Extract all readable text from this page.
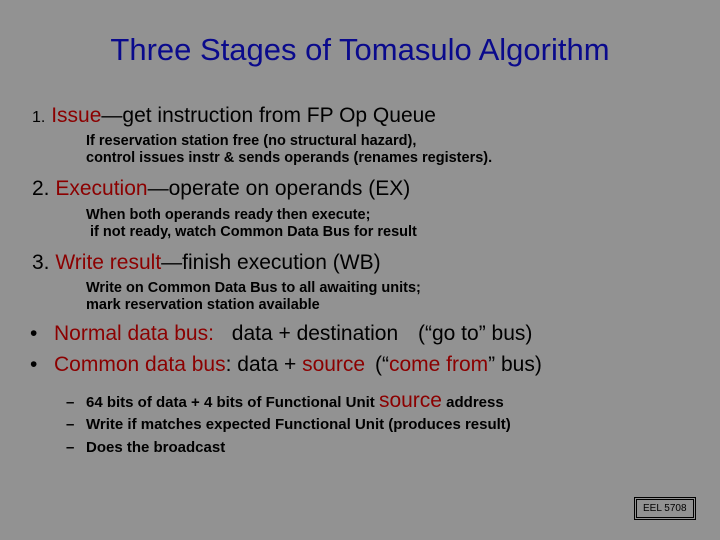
Three Stages of Tomasulo Algorithm
1. Issue—get instruction from FP Op Queue
If reservation station free (no structural hazard),
control issues instr & sends operands (renames registers).
2. Execution—operate on operands (EX)
When both operands ready then execute;
if not ready, watch Common Data Bus for result
3. Write result—finish execution (WB)
Write on Common Data Bus to all awaiting units;
mark reservation station available
• Normal data bus: data + destination (“go to” bus)
• Common data bus: data + source (“come from” bus)
– 64 bits of data + 4 bits of Functional Unit source address
– Write if matches expected Functional Unit (produces result)
– Does the broadcast
EEL 5708
